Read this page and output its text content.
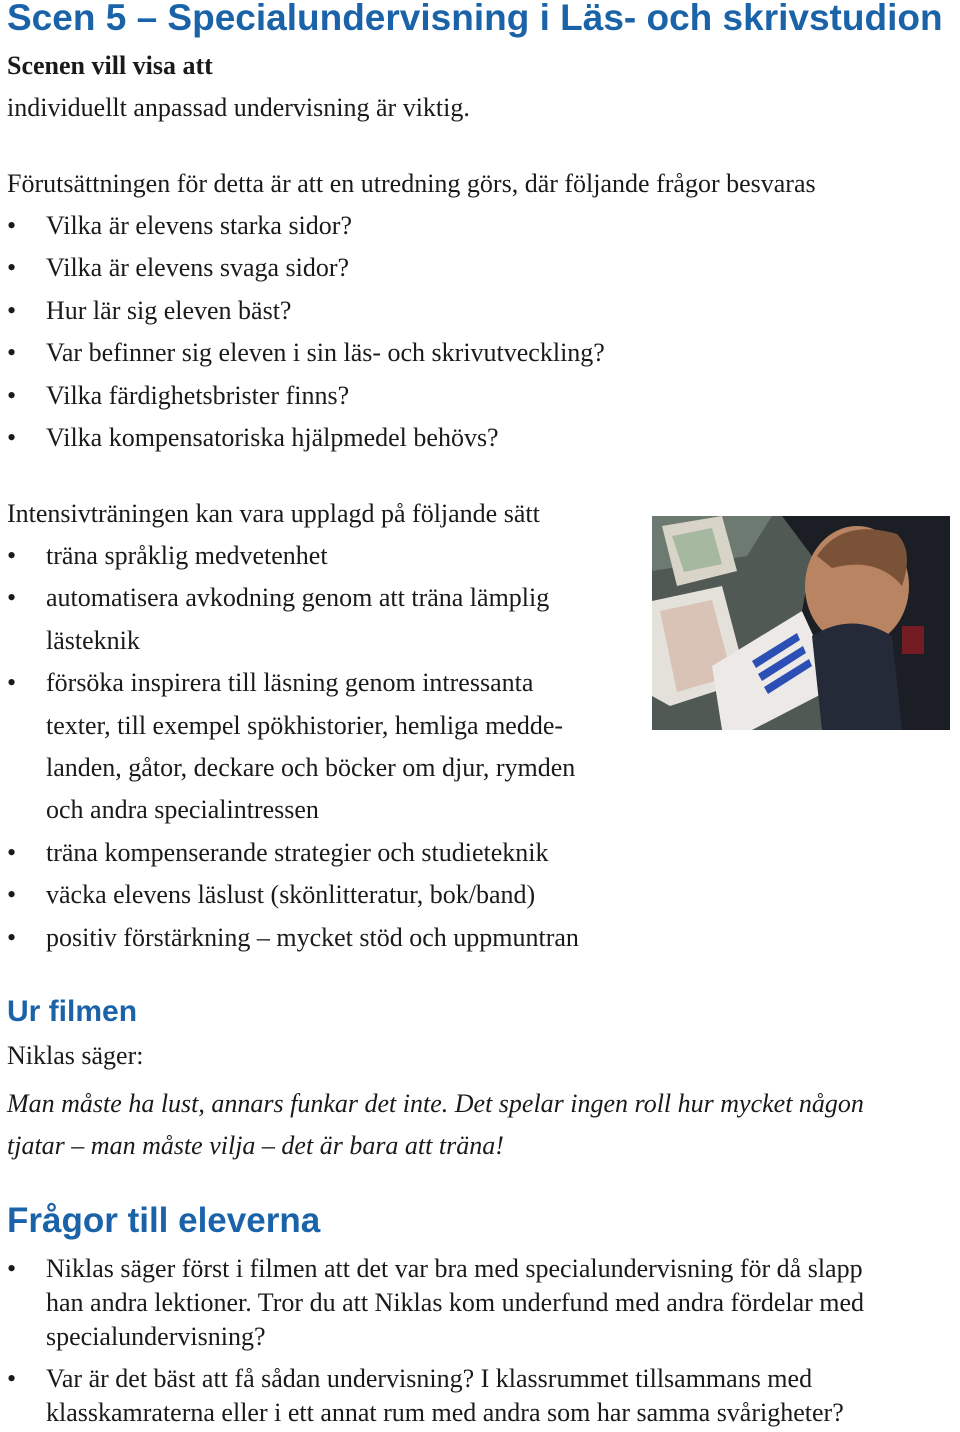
Scen 5 – Specialundervisning i Läs- och skrivstudion

Scenen vill visa att

individuellt anpassad undervisning är viktig.

Förutsättningen för detta är att en utredning görs, där följande frågor besvaras

• Vilka är elevens starka sidor?
• Vilka är elevens svaga sidor?
• Hur lär sig eleven bäst?
• Var befinner sig eleven i sin läs- och skrivutveckling?
• Vilka färdighetsbrister finns?
• Vilka kompensatoriska hjälpmedel behövs?

Intensivträningen kan vara upplagd på följande sätt

• träna språklig medvetenhet
• automatisera avkodning genom att träna lämplig
lästeknik
• försöka inspirera till läsning genom intressanta
texter, till exempel spökhistorier, hemliga medde-
landen, gåtor, deckare och böcker om djur, rymden
och andra specialintressen
• träna kompenserande strategier och studieteknik
• väcka elevens läslust (skönlitteratur, bok/band)
• positiv förstärkning – mycket stöd och uppmuntran
Ur filmen

Niklas säger:

Man måste ha lust, annars funkar det inte. Det spelar ingen roll hur mycket någon
tjatar – man måste vilja – det är bara att träna!

Frågor till eleverna
• Niklas säger först i filmen att det var bra med specialundervisning för då slapp
han andra lektioner. Tror du att Niklas kom underfund med andra fördelar med
specialundervisning?
• Var är det bäst att få sådan undervisning? I klassrummet tillsammans med
klasskamraterna eller i ett annat rum med andra som har samma svårigheter?
